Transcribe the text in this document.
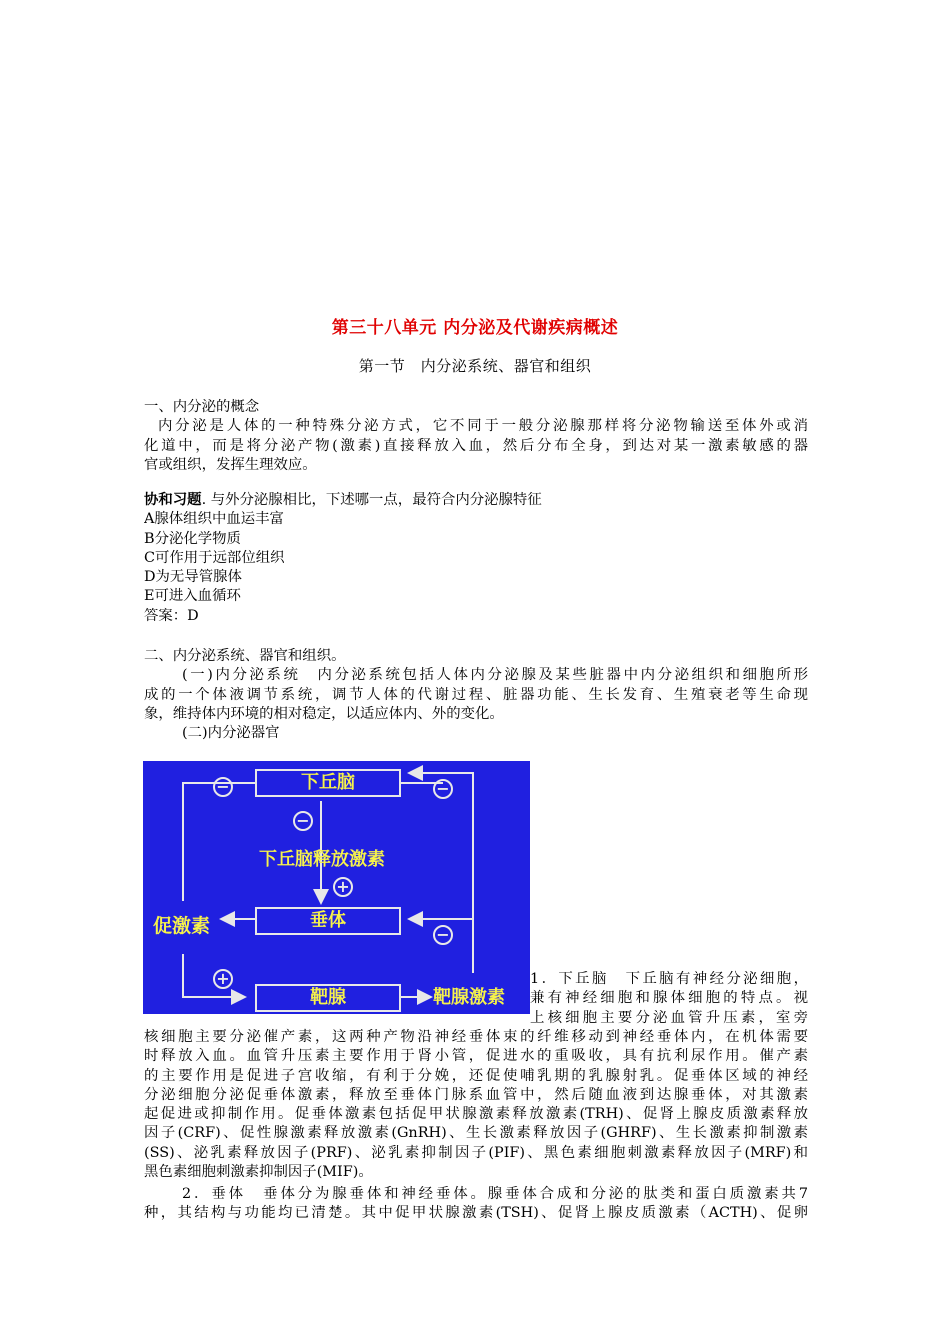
第三十八单元 内分泌及代谢疾病概述
第一节　内分泌系统、器官和组织
一、内分泌的概念
内分泌是人体的一种特殊分泌方式，它不同于一般分泌腺那样将分泌物输送至体外或消
化道中，而是将分泌产物(激素)直接释放入血，然后分布全身，到达对某一激素敏感的器
官或组织，发挥生理效应。
协和习题. 与外分泌腺相比，下述哪一点，最符合内分泌腺特征
A腺体组织中血运丰富
B分泌化学物质
C可作用于远部位组织
D为无导管腺体
E可进入血循环
答案：D
二、内分泌系统、器官和组织。
(一)内分泌系统　内分泌系统包括人体内分泌腺及某些脏器中内分泌组织和细胞所形
成的一个体液调节系统，调节人体的代谢过程、脏器功能、生长发育、生殖衰老等生命现
象，维持体内环境的相对稳定，以适应体内、外的变化。
(二)内分泌器官
下丘脑
下丘脑释放激素
垂体
促激素
靶腺	靶腺激素
−
−
+
−
−
+	1．下丘脑　下丘脑有神经分泌细胞，
兼有神经细胞和腺体细胞的特点。视
上核细胞主要分泌血管升压素，室旁
核细胞主要分泌催产素，这两种产物沿神经垂体束的纤维移动到神经垂体内，在机体需要
时释放入血。血管升压素主要作用于肾小管，促进水的重吸收，具有抗利尿作用。催产素
的主要作用是促进子宫收缩，有利于分娩，还促使哺乳期的乳腺射乳。促垂体区域的神经
分泌细胞分泌促垂体激素，释放至垂体门脉系血管中，然后随血液到达腺垂体，对其激素
起促进或抑制作用。促垂体激素包括促甲状腺激素释放激素(TRH)、促肾上腺皮质激素释放
因子(CRF)、促性腺激素释放激素(GnRH)、生长激素释放因子(GHRF)、生长激素抑制激素
(SS)、泌乳素释放因子(PRF)、泌乳素抑制因子(PIF)、黑色素细胞刺激素释放因子(MRF)和
黑色素细胞刺激素抑制因子(MIF)。
2．垂体　垂体分为腺垂体和神经垂体。腺垂体合成和分泌的肽类和蛋白质激素共7
种，其结构与功能均已清楚。其中促甲状腺激素(TSH)、促肾上腺皮质激素（ACTH)、促卵
